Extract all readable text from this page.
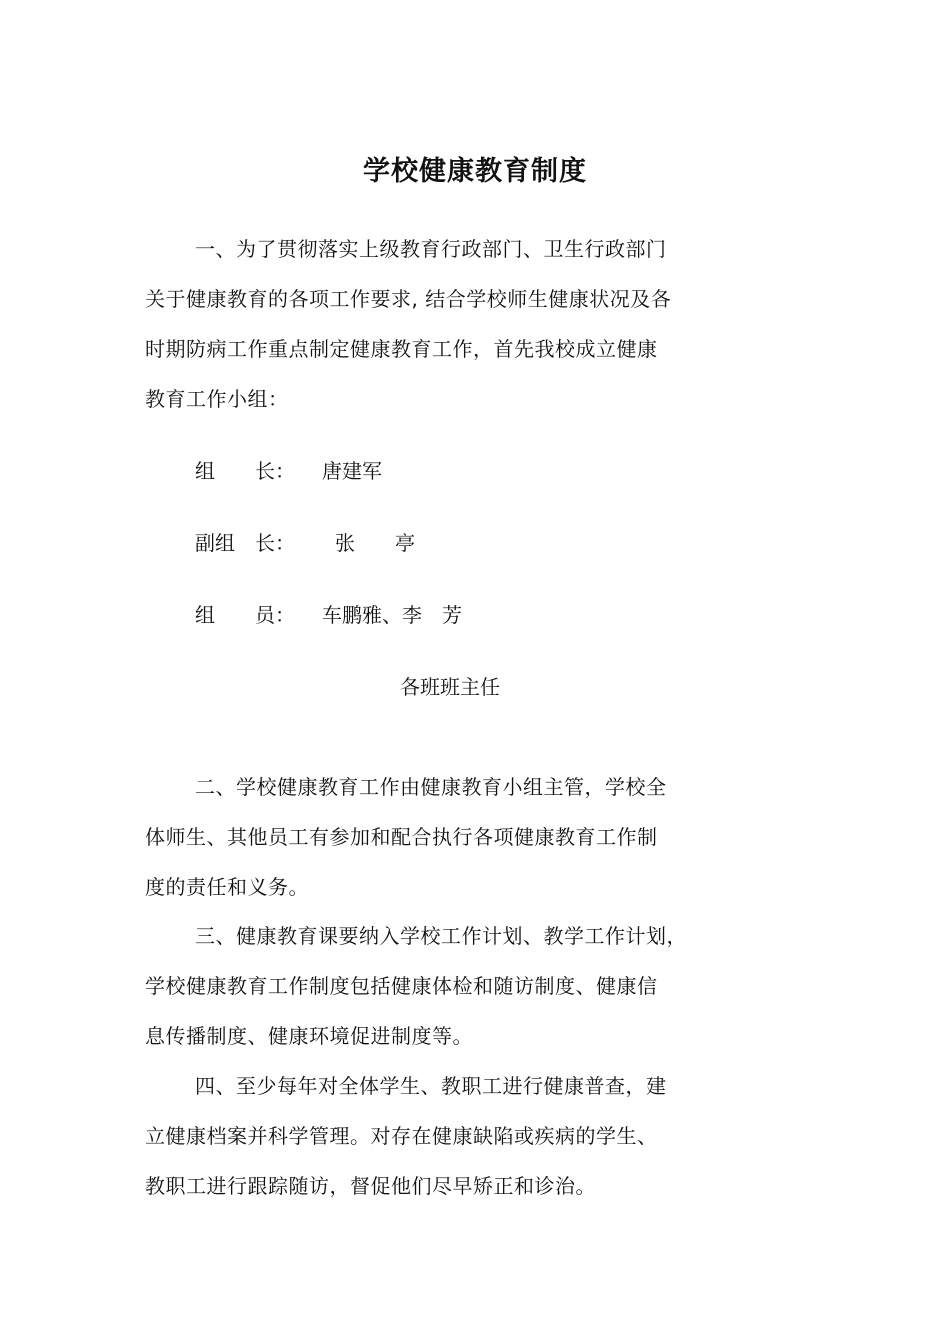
学校健康教育制度
一、为了贯彻落实上级教育行政部门、卫生行政部门
关于健康教育的各项工作要求, 结合学校师生健康状况及各
时期防病工作重点制定健康教育工作，首先我校成立健康
教育工作小组：
组　　长： 唐建军
副组　长： 张　　亭
组　　员： 车鹏雅、李　芳
各班班主任
二、学校健康教育工作由健康教育小组主管，学校全
体师生、其他员工有参加和配合执行各项健康教育工作制
度的责任和义务。
三、健康教育课要纳入学校工作计划、教学工作计划，
学校健康教育工作制度包括健康体检和随访制度、健康信
息传播制度、健康环境促进制度等。
四、至少每年对全体学生、教职工进行健康普查，建
立健康档案并科学管理。对存在健康缺陷或疾病的学生、
教职工进行跟踪随访，督促他们尽早矫正和诊治。
